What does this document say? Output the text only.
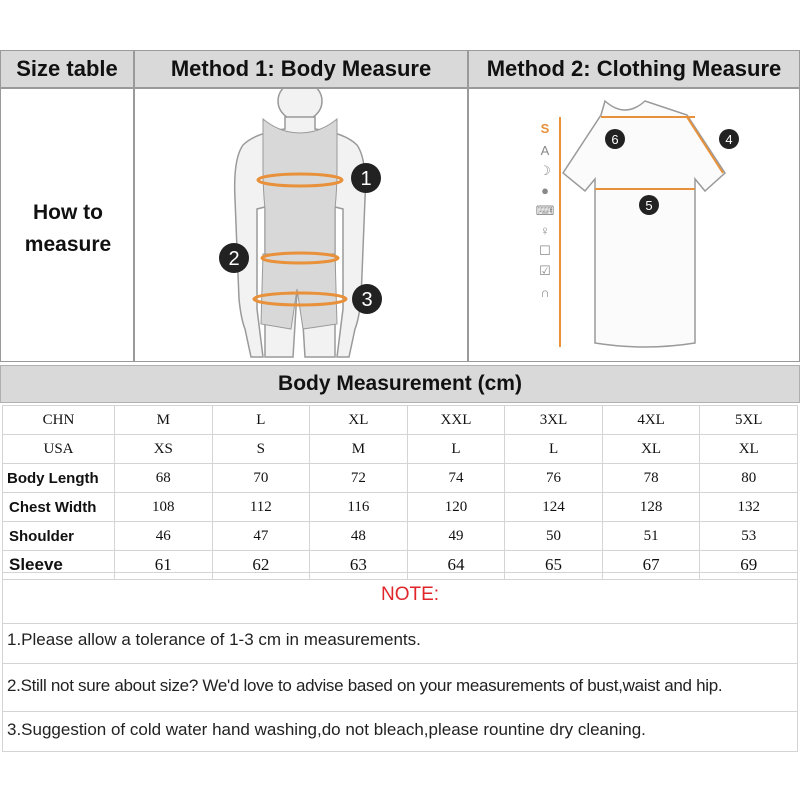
Size table	Method 1: Body Measure	Method 2: Clothing Measure
How to
measure
1
2
3
S
A
☽
●
⌨
♀
☐
☑
∩
6	4
5
Body Measurement (cm)
CHN	M	L	XL	XXL	3XL	4XL	5XL
USA	XS	S	M	L	L	XL	XL
Body Length	68	70	72	74	76	78	80
Chest Width	108	112	116	120	124	128	132
Shoulder	46	47	48	49	50	51	53
Sleeve	61	62	63	64	65	67	69
NOTE:
1.Please allow a tolerance of 1-3 cm in measurements.
2.Still not sure about size? We'd love to advise based on your measurements of bust,waist and hip.
3.Suggestion of cold water hand washing,do not bleach,please rountine dry cleaning.
